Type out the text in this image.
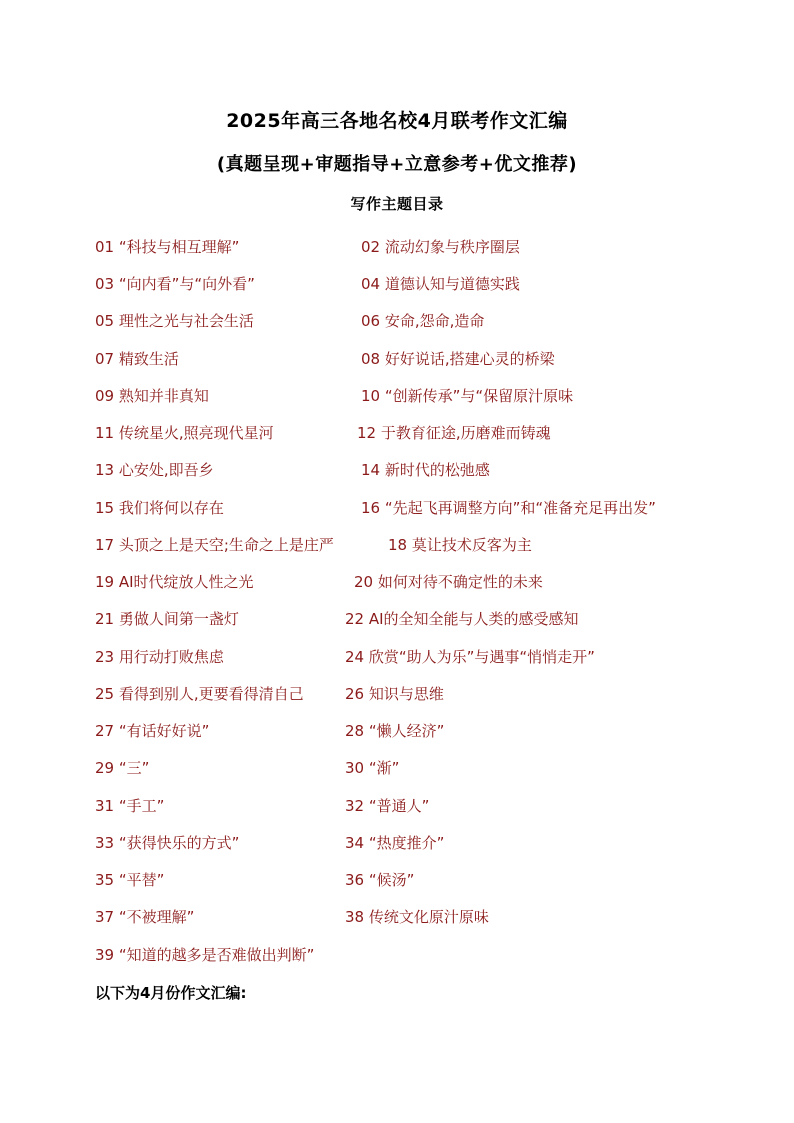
2025年高三各地名校4月联考作文汇编
(真题呈现+审题指导+立意参考+优文推荐)
写作主题目录
01 “科技与相互理解”	02 流动幻象与秩序圈层
03 “向内看”与“向外看”	04 道德认知与道德实践
05 理性之光与社会生活	06 安命,怨命,造命
07 精致生活	08 好好说话,搭建心灵的桥梁
09 熟知并非真知	10 “创新传承”与“保留原汁原味
11 传统星火,照亮现代星河	12 于教育征途,历磨难而铸魂
13 心安处,即吾乡	14 新时代的松弛感
15 我们将何以存在	16 “先起飞再调整方向”和“准备充足再出发”
17 头顶之上是天空;生命之上是庄严	18 莫让技术反客为主
19 AI时代绽放人性之光	20 如何对待不确定性的未来
21 勇做人间第一盏灯	22 AI的全知全能与人类的感受感知
23 用行动打败焦虑	24 欣赏“助人为乐”与遇事“悄悄走开”
25 看得到别人,更要看得清自己	26 知识与思维
27 “有话好好说”	28 “懒人经济”
29 “三”	30 “渐”
31 “手工”	32 “普通人”
33 “获得快乐的方式”	34 “热度推介”
35 “平替”	36 “候汤”
37 “不被理解”	38 传统文化原汁原味
39 “知道的越多是否难做出判断”
以下为4月份作文汇编:
